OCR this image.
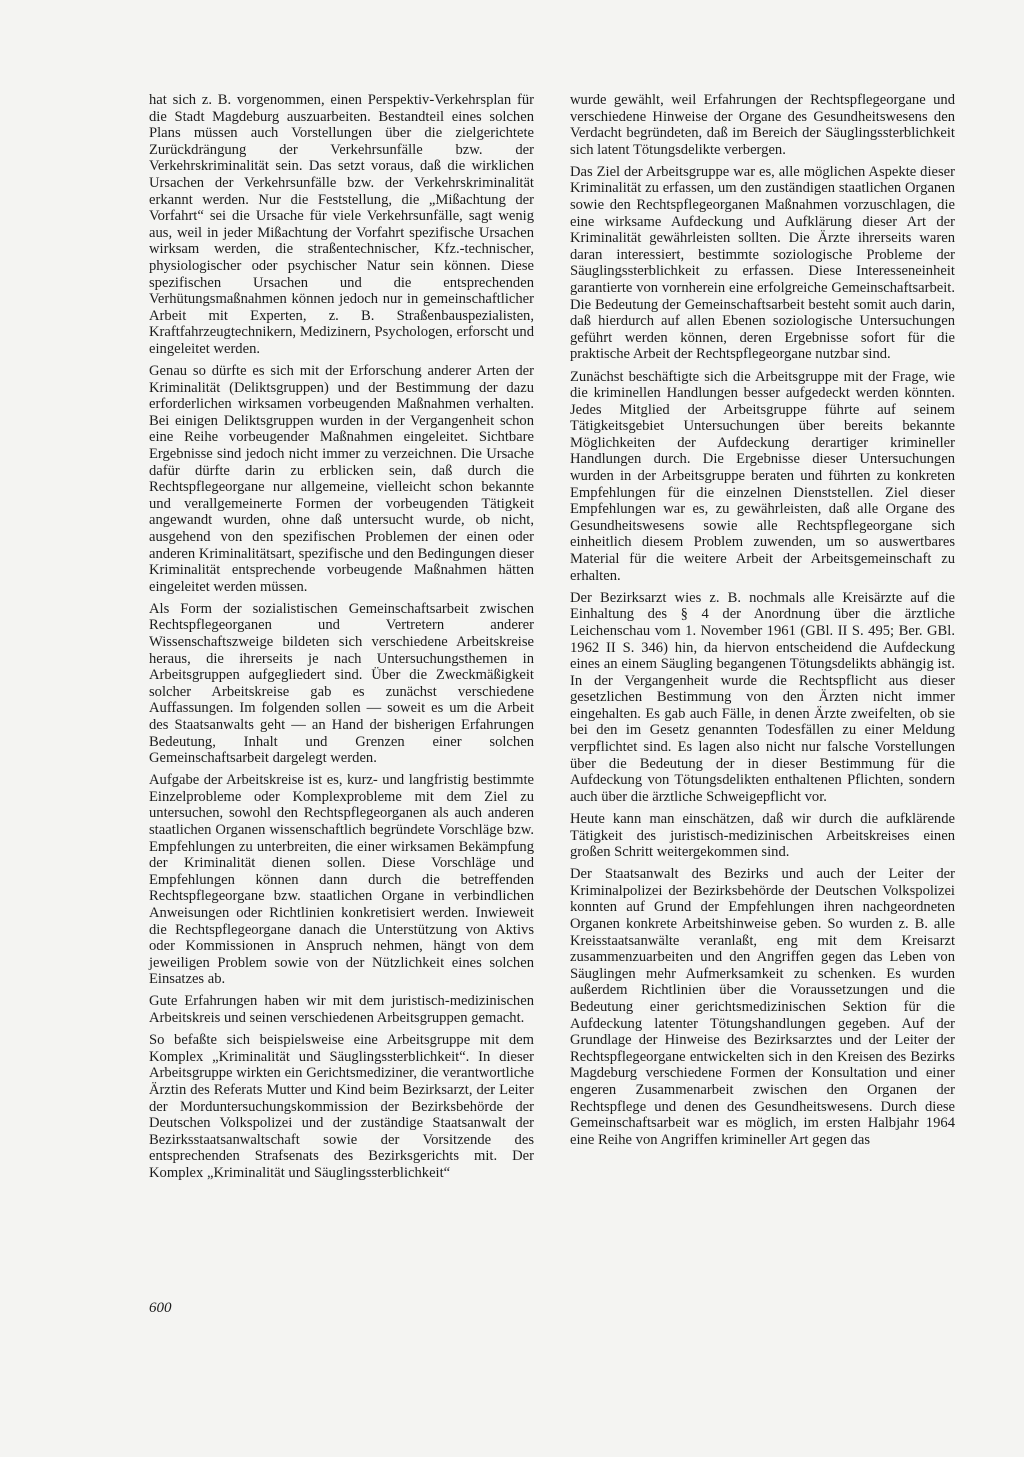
hat sich z. B. vorgenommen, einen Perspektiv-Verkehrsplan für die Stadt Magdeburg auszuarbeiten. Bestandteil eines solchen Plans müssen auch Vorstellungen über die zielgerichtete Zurückdrängung der Verkehrsunfälle bzw. der Verkehrskriminalität sein. Das setzt voraus, daß die wirklichen Ursachen der Verkehrsunfälle bzw. der Verkehrskriminalität erkannt werden. Nur die Feststellung, die „Mißachtung der Vorfahrt“ sei die Ursache für viele Verkehrsunfälle, sagt wenig aus, weil in jeder Mißachtung der Vorfahrt spezifische Ursachen wirksam werden, die straßentechnischer, Kfz.-technischer, physiologischer oder psychischer Natur sein können. Diese spezifischen Ursachen und die entsprechenden Verhütungsmaßnahmen können jedoch nur in gemeinschaftlicher Arbeit mit Experten, z. B. Straßenbauspezialisten, Kraftfahrzeugtechnikern, Medizinern, Psychologen, erforscht und eingeleitet werden.

Genau so dürfte es sich mit der Erforschung anderer Arten der Kriminalität (Deliktsgruppen) und der Bestimmung der dazu erforderlichen wirksamen vorbeugenden Maßnahmen verhalten. Bei einigen Deliktsgruppen wurden in der Vergangenheit schon eine Reihe vorbeugender Maßnahmen eingeleitet. Sichtbare Ergebnisse sind jedoch nicht immer zu verzeichnen. Die Ursache dafür dürfte darin zu erblicken sein, daß durch die Rechtspflegeorgane nur allgemeine, vielleicht schon bekannte und verallgemeinerte Formen der vorbeugenden Tätigkeit angewandt wurden, ohne daß untersucht wurde, ob nicht, ausgehend von den spezifischen Problemen der einen oder anderen Kriminalitätsart, spezifische und den Bedingungen dieser Kriminalität entsprechende vorbeugende Maßnahmen hätten eingeleitet werden müssen.

Als Form der sozialistischen Gemeinschaftsarbeit zwischen Rechtspflegeorganen und Vertretern anderer Wissenschaftszweige bildeten sich verschiedene Arbeitskreise heraus, die ihrerseits je nach Untersuchungsthemen in Arbeitsgruppen aufgegliedert sind. Über die Zweckmäßigkeit solcher Arbeitskreise gab es zunächst verschiedene Auffassungen. Im folgenden sollen — soweit es um die Arbeit des Staatsanwalts geht — an Hand der bisherigen Erfahrungen Bedeutung, Inhalt und Grenzen einer solchen Gemeinschaftsarbeit dargelegt werden.

Aufgabe der Arbeitskreise ist es, kurz- und langfristig bestimmte Einzelprobleme oder Komplexprobleme mit dem Ziel zu untersuchen, sowohl den Rechtspflegeorganen als auch anderen staatlichen Organen wissenschaftlich begründete Vorschläge bzw. Empfehlungen zu unterbreiten, die einer wirksamen Bekämpfung der Kriminalität dienen sollen. Diese Vorschläge und Empfehlungen können dann durch die betreffenden Rechtspflegeorgane bzw. staatlichen Organe in verbindlichen Anweisungen oder Richtlinien konkretisiert werden. Inwieweit die Rechtspflegeorgane danach die Unterstützung von Aktivs oder Kommissionen in Anspruch nehmen, hängt von dem jeweiligen Problem sowie von der Nützlichkeit eines solchen Einsatzes ab.

Gute Erfahrungen haben wir mit dem juristisch-medizinischen Arbeitskreis und seinen verschiedenen Arbeitsgruppen gemacht.

So befaßte sich beispielsweise eine Arbeitsgruppe mit dem Komplex „Kriminalität und Säuglingssterblichkeit“. In dieser Arbeitsgruppe wirkten ein Gerichtsmediziner, die verantwortliche Ärztin des Referats Mutter und Kind beim Bezirksarzt, der Leiter der Morduntersuchungskommission der Bezirksbehörde der Deutschen Volkspolizei und der zuständige Staatsanwalt der Bezirksstaatsanwaltschaft sowie der Vorsitzende des entsprechenden Strafsenats des Bezirksgerichts mit. Der Komplex „Kriminalität und Säuglingssterblichkeit“

wurde gewählt, weil Erfahrungen der Rechtspflegeorgane und verschiedene Hinweise der Organe des Gesundheitswesens den Verdacht begründeten, daß im Bereich der Säuglingssterblichkeit sich latent Tötungsdelikte verbergen.

Das Ziel der Arbeitsgruppe war es, alle möglichen Aspekte dieser Kriminalität zu erfassen, um den zuständigen staatlichen Organen sowie den Rechtspflegeorganen Maßnahmen vorzuschlagen, die eine wirksame Aufdeckung und Aufklärung dieser Art der Kriminalität gewährleisten sollten. Die Ärzte ihrerseits waren daran interessiert, bestimmte soziologische Probleme der Säuglingssterblichkeit zu erfassen. Diese Interesseneinheit garantierte von vornherein eine erfolgreiche Gemeinschaftsarbeit. Die Bedeutung der Gemeinschaftsarbeit besteht somit auch darin, daß hierdurch auf allen Ebenen soziologische Untersuchungen geführt werden können, deren Ergebnisse sofort für die praktische Arbeit der Rechtspflegeorgane nutzbar sind.

Zunächst beschäftigte sich die Arbeitsgruppe mit der Frage, wie die kriminellen Handlungen besser aufgedeckt werden könnten. Jedes Mitglied der Arbeitsgruppe führte auf seinem Tätigkeitsgebiet Untersuchungen über bereits bekannte Möglichkeiten der Aufdeckung derartiger krimineller Handlungen durch. Die Ergebnisse dieser Untersuchungen wurden in der Arbeitsgruppe beraten und führten zu konkreten Empfehlungen für die einzelnen Dienststellen. Ziel dieser Empfehlungen war es, zu gewährleisten, daß alle Organe des Gesundheitswesens sowie alle Rechtspflegeorgane sich einheitlich diesem Problem zuwenden, um so auswertbares Material für die weitere Arbeit der Arbeitsgemeinschaft zu erhalten.

Der Bezirksarzt wies z. B. nochmals alle Kreisärzte auf die Einhaltung des § 4 der Anordnung über die ärztliche Leichenschau vom 1. November 1961 (GBl. II S. 495; Ber. GBl. 1962 II S. 346) hin, da hiervon entscheidend die Aufdeckung eines an einem Säugling begangenen Tötungsdelikts abhängig ist. In der Vergangenheit wurde die Rechtspflicht aus dieser gesetzlichen Bestimmung von den Ärzten nicht immer eingehalten. Es gab auch Fälle, in denen Ärzte zweifelten, ob sie bei den im Gesetz genannten Todesfällen zu einer Meldung verpflichtet sind. Es lagen also nicht nur falsche Vorstellungen über die Bedeutung der in dieser Bestimmung für die Aufdeckung von Tötungsdelikten enthaltenen Pflichten, sondern auch über die ärztliche Schweigepflicht vor.

Heute kann man einschätzen, daß wir durch die aufklärende Tätigkeit des juristisch-medizinischen Arbeitskreises einen großen Schritt weitergekommen sind.

Der Staatsanwalt des Bezirks und auch der Leiter der Kriminalpolizei der Bezirksbehörde der Deutschen Volkspolizei konnten auf Grund der Empfehlungen ihren nachgeordneten Organen konkrete Arbeitshinweise geben. So wurden z. B. alle Kreisstaatsanwälte veranlaßt, eng mit dem Kreisarzt zusammenzuarbeiten und den Angriffen gegen das Leben von Säuglingen mehr Aufmerksamkeit zu schenken. Es wurden außerdem Richtlinien über die Voraussetzungen und die Bedeutung einer gerichtsmedizinischen Sektion für die Aufdeckung latenter Tötungshandlungen gegeben. Auf der Grundlage der Hinweise des Bezirksarztes und der Leiter der Rechtspflegeorgane entwickelten sich in den Kreisen des Bezirks Magdeburg verschiedene Formen der Konsultation und einer engeren Zusammenarbeit zwischen den Organen der Rechtspflege und denen des Gesundheitswesens. Durch diese Gemeinschaftsarbeit war es möglich, im ersten Halbjahr 1964 eine Reihe von Angriffen krimineller Art gegen das

600
